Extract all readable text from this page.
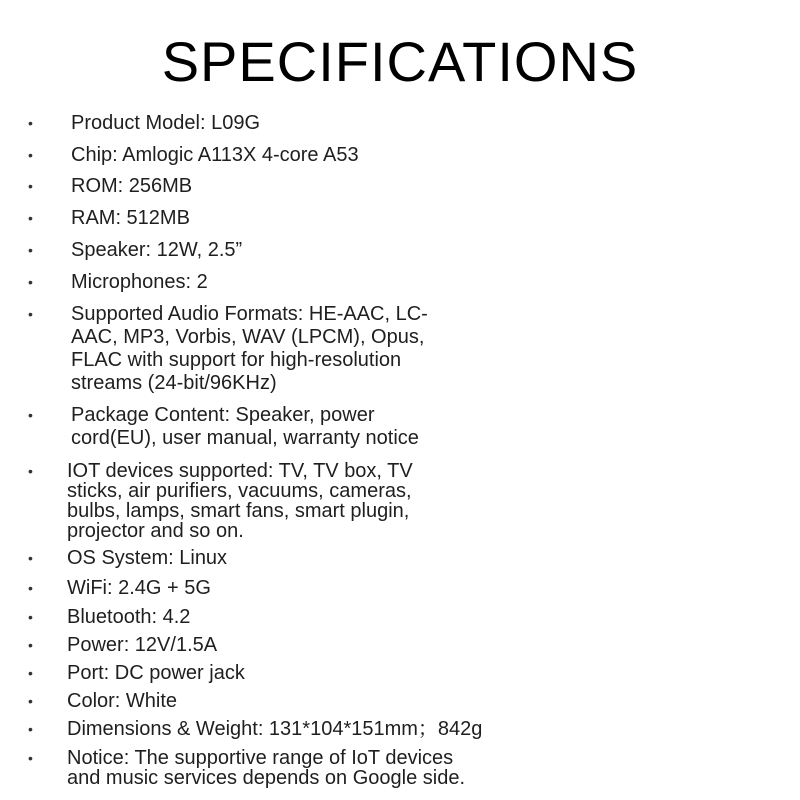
SPECIFICATIONS
•	Product Model: L09G
•	Chip: Amlogic A113X 4-core A53
•	ROM: 256MB
•	RAM: 512MB
•	Speaker: 12W, 2.5”
•	Microphones: 2
•	Supported Audio Formats: HE-AAC, LC-
AAC, MP3, Vorbis, WAV (LPCM), Opus,
FLAC with support for high-resolution
streams (24-bit/96KHz)
•	Package Content: Speaker, power
cord(EU), user manual, warranty notice
•	IOT devices supported: TV, TV box, TV
sticks, air purifiers, vacuums, cameras,
bulbs, lamps, smart fans, smart plugin,
projector and so on.
•	OS System: Linux
•	WiFi: 2.4G + 5G
•	Bluetooth: 4.2
•	Power: 12V/1.5A
•	Port: DC power jack
•	Color: White
•	Dimensions & Weight: 131*104*151mm；842g
•	Notice: The supportive range of IoT devices
and music services depends on Google side.
